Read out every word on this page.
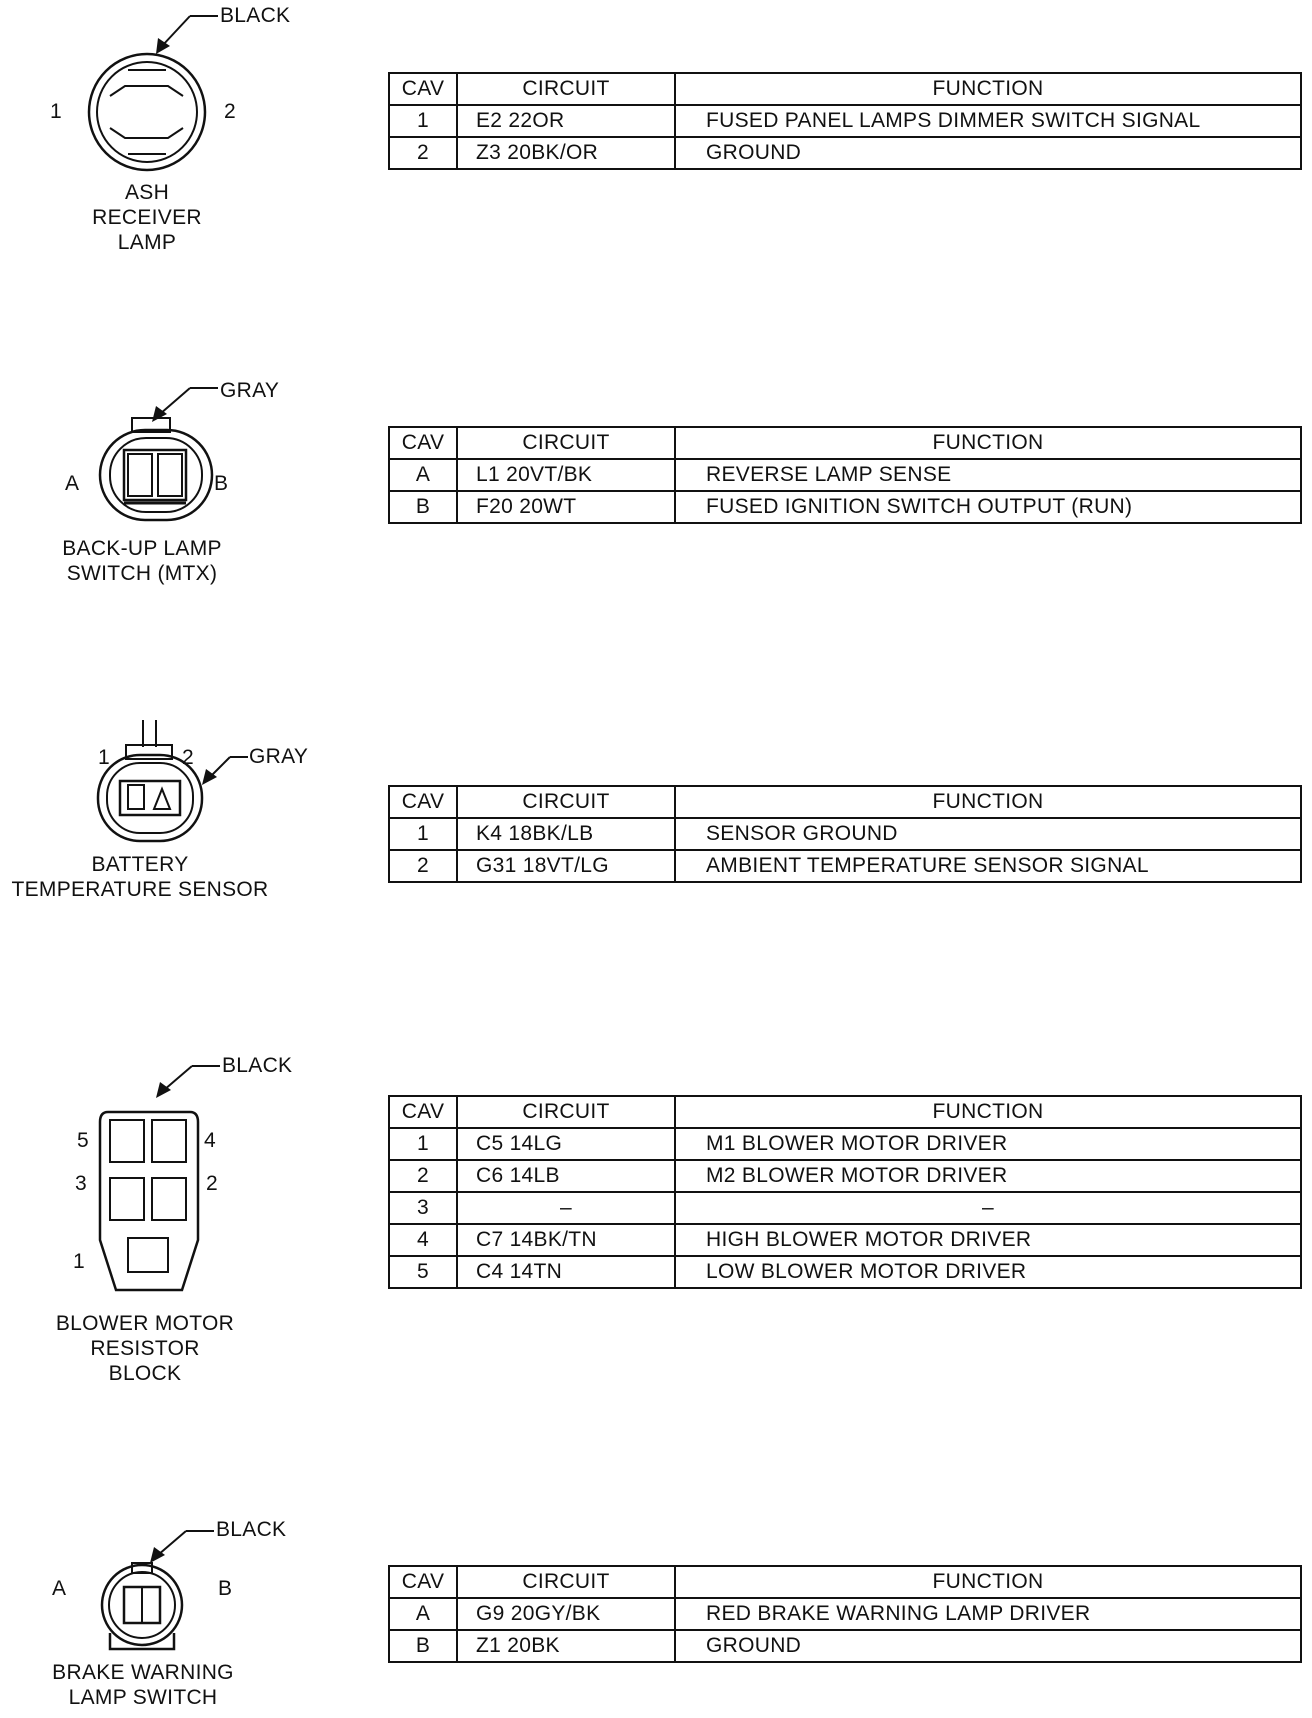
BLACK
1	2
ASH
RECEIVER
LAMP
CAV	CIRCUIT	FUNCTION
1	E2 22OR	FUSED PANEL LAMPS DIMMER SWITCH SIGNAL
2	Z3 20BK/OR	GROUND
GRAY
A	B
BACK-UP LAMP
SWITCH (MTX)
CAV	CIRCUIT	FUNCTION
A	L1 20VT/BK	REVERSE LAMP SENSE
B	F20 20WT	FUSED IGNITION SWITCH OUTPUT (RUN)
1	2	GRAY
BATTERY
TEMPERATURE SENSOR
CAV	CIRCUIT	FUNCTION
1	K4 18BK/LB	SENSOR GROUND
2	G31 18VT/LG	AMBIENT TEMPERATURE SENSOR SIGNAL
BLACK
5	4
3	2
1
BLOWER MOTOR
RESISTOR
BLOCK
CAV	CIRCUIT	FUNCTION
1	C5 14LG	M1 BLOWER MOTOR DRIVER
2	C6 14LB	M2 BLOWER MOTOR DRIVER
3	–	–
4	C7 14BK/TN	HIGH BLOWER MOTOR DRIVER
5	C4 14TN	LOW BLOWER MOTOR DRIVER
BLACK
A	B
BRAKE WARNING
LAMP SWITCH
CAV	CIRCUIT	FUNCTION
A	G9 20GY/BK	RED BRAKE WARNING LAMP DRIVER
B	Z1 20BK	GROUND
